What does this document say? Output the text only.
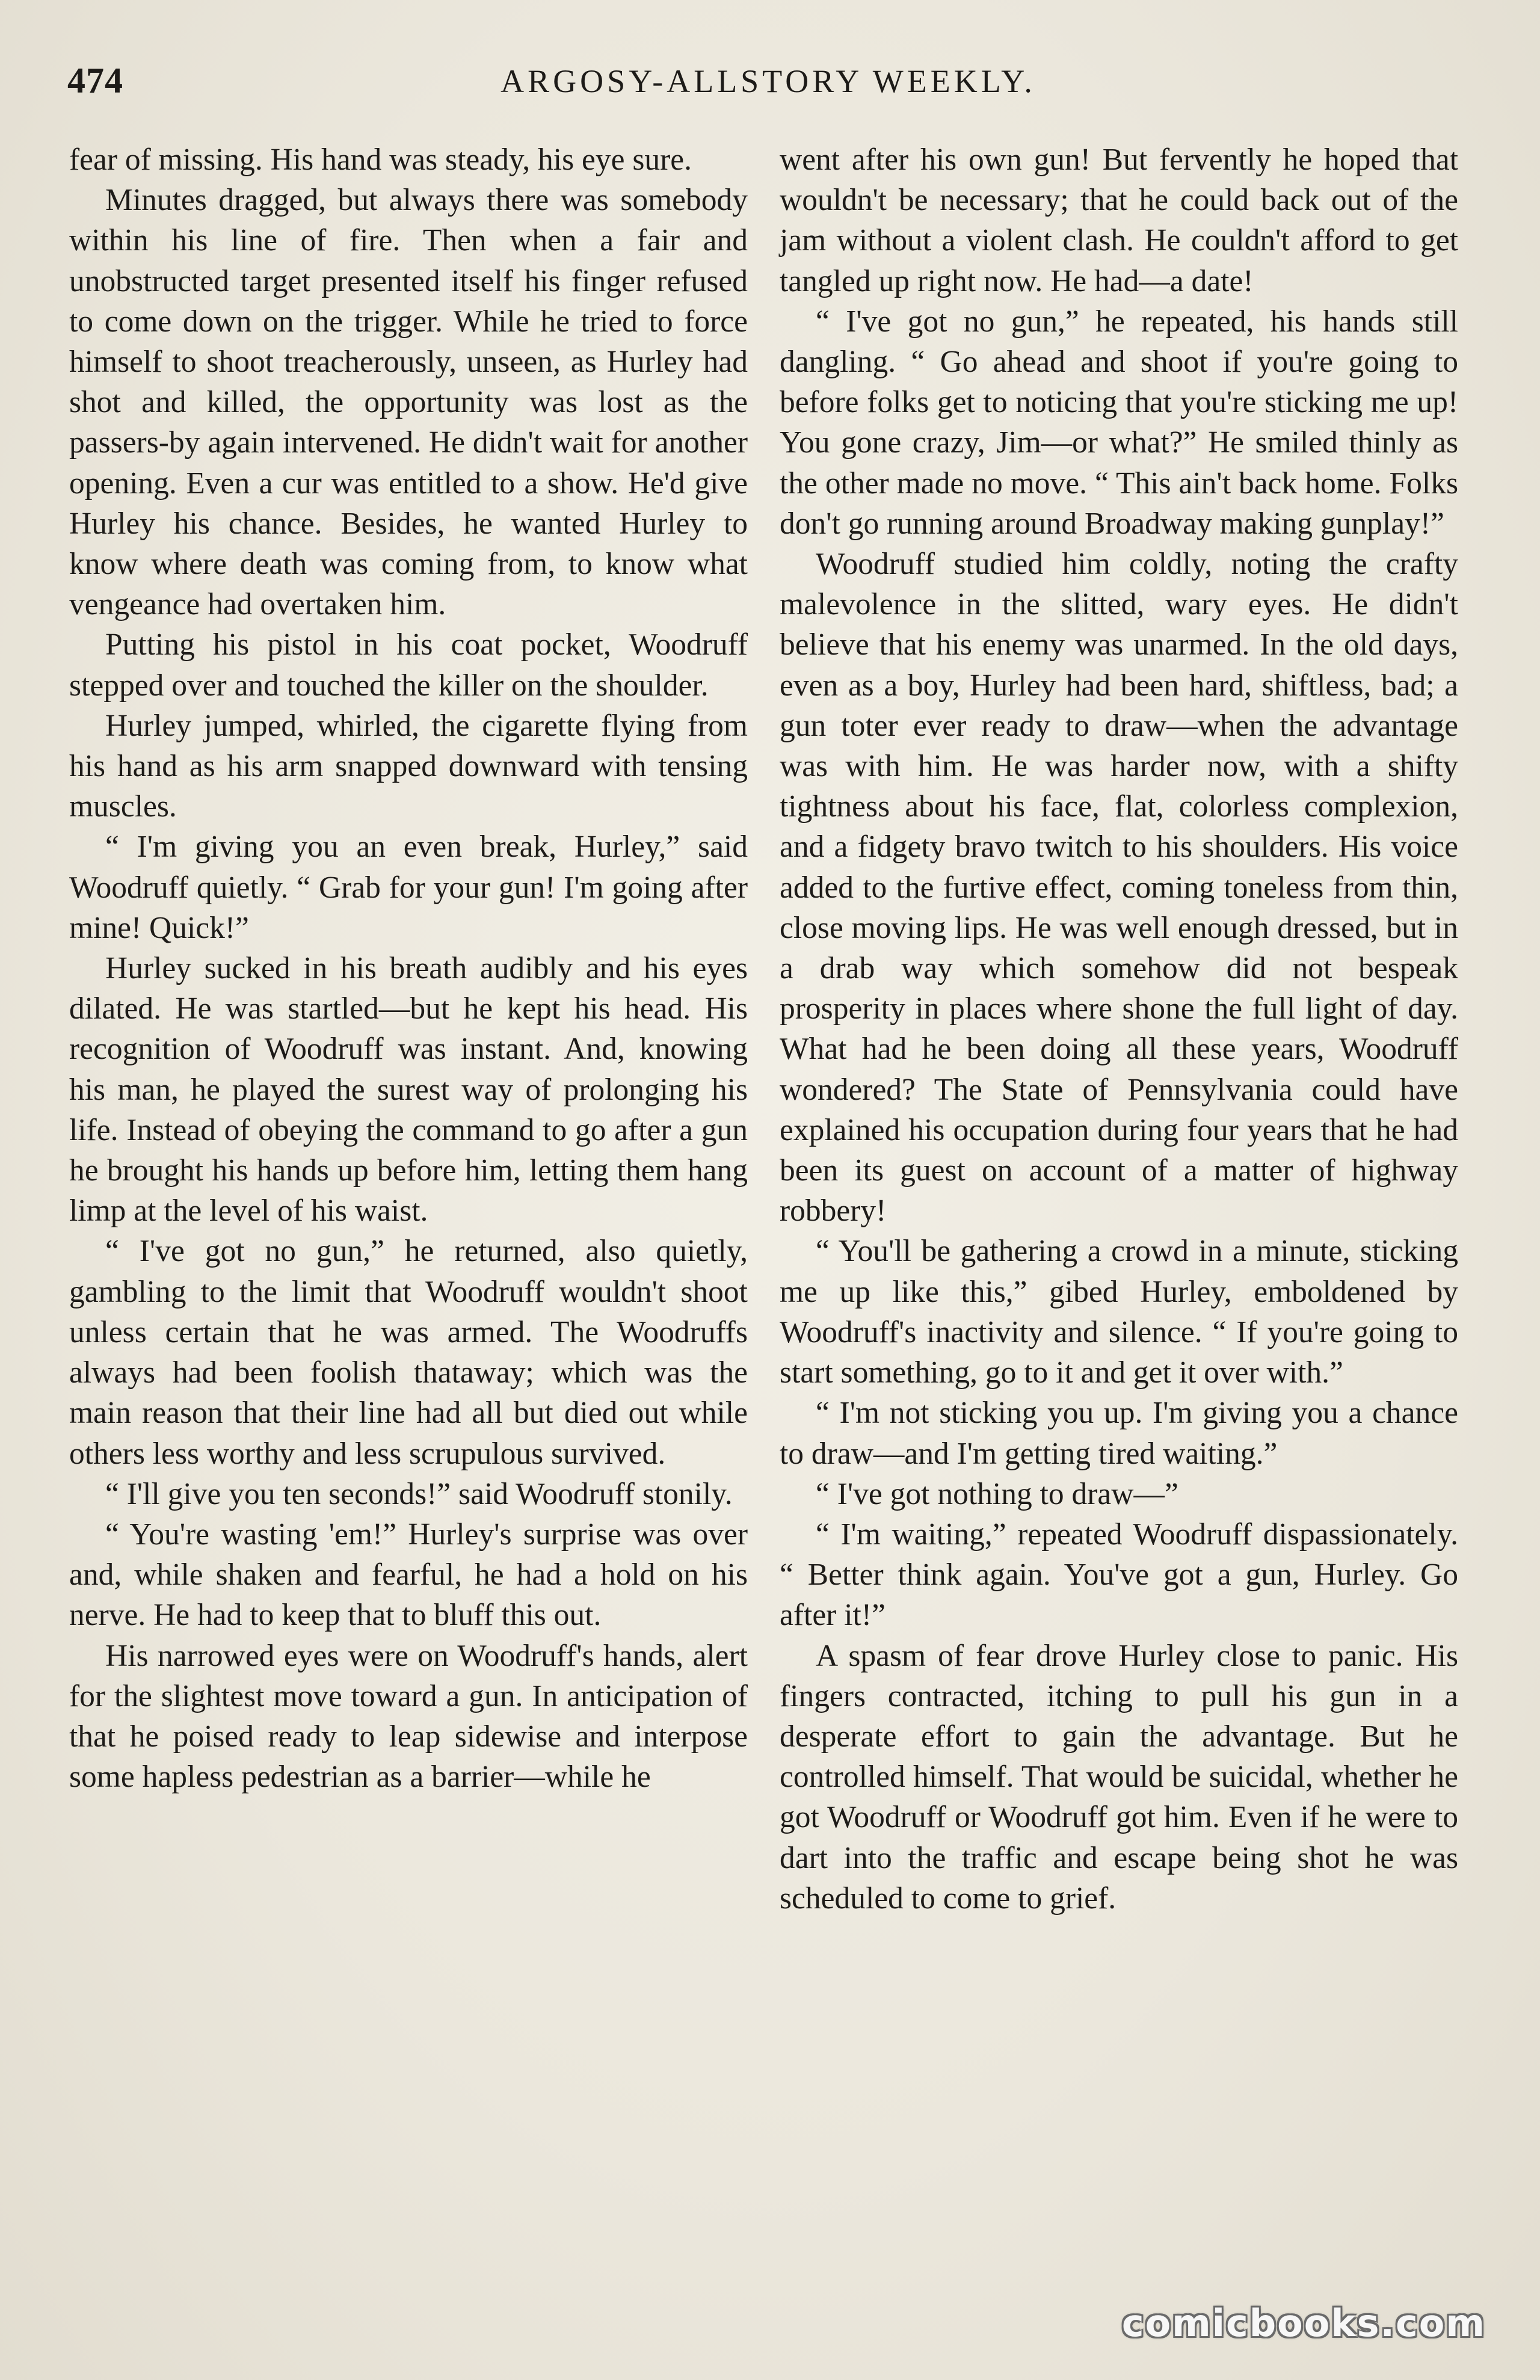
474	ARGOSY-ALLSTORY WEEKLY.

fear of missing. His hand was steady, his eye sure.

Minutes dragged, but always there was somebody within his line of fire. Then when a fair and unobstructed target presented itself his finger refused to come down on the trigger. While he tried to force himself to shoot treacherously, unseen, as Hurley had shot and killed, the opportunity was lost as the passers-by again intervened. He didn't wait for another opening. Even a cur was entitled to a show. He'd give Hurley his chance. Besides, he wanted Hurley to know where death was coming from, to know what vengeance had overtaken him.

Putting his pistol in his coat pocket, Woodruff stepped over and touched the killer on the shoulder.

Hurley jumped, whirled, the cigarette flying from his hand as his arm snapped downward with tensing muscles.

“ I'm giving you an even break, Hurley,” said Woodruff quietly. “ Grab for your gun! I'm going after mine! Quick!”

Hurley sucked in his breath audibly and his eyes dilated. He was startled—but he kept his head. His recognition of Woodruff was instant. And, knowing his man, he played the surest way of prolonging his life. Instead of obeying the command to go after a gun he brought his hands up before him, letting them hang limp at the level of his waist.

“ I've got no gun,” he returned, also quietly, gambling to the limit that Woodruff wouldn't shoot unless certain that he was armed. The Woodruffs always had been foolish thataway; which was the main reason that their line had all but died out while others less worthy and less scrupulous survived.

“ I'll give you ten seconds!” said Woodruff stonily.

“ You're wasting 'em!” Hurley's surprise was over and, while shaken and fearful, he had a hold on his nerve. He had to keep that to bluff this out.

His narrowed eyes were on Woodruff's hands, alert for the slightest move toward a gun. In anticipation of that he poised ready to leap sidewise and interpose some hapless pedestrian as a barrier—while he

went after his own gun! But fervently he hoped that wouldn't be necessary; that he could back out of the jam without a violent clash. He couldn't afford to get tangled up right now. He had—a date!

“ I've got no gun,” he repeated, his hands still dangling. “ Go ahead and shoot if you're going to before folks get to noticing that you're sticking me up! You gone crazy, Jim—or what?” He smiled thinly as the other made no move. “ This ain't back home. Folks don't go running around Broadway making gunplay!”

Woodruff studied him coldly, noting the crafty malevolence in the slitted, wary eyes. He didn't believe that his enemy was unarmed. In the old days, even as a boy, Hurley had been hard, shiftless, bad; a gun toter ever ready to draw—when the advantage was with him. He was harder now, with a shifty tightness about his face, flat, colorless complexion, and a fidgety bravo twitch to his shoulders. His voice added to the furtive effect, coming toneless from thin, close moving lips. He was well enough dressed, but in a drab way which somehow did not bespeak prosperity in places where shone the full light of day. What had he been doing all these years, Woodruff wondered? The State of Pennsylvania could have explained his occupation during four years that he had been its guest on account of a matter of highway robbery!

“ You'll be gathering a crowd in a minute, sticking me up like this,” gibed Hurley, emboldened by Woodruff's inactivity and silence. “ If you're going to start something, go to it and get it over with.”

“ I'm not sticking you up. I'm giving you a chance to draw—and I'm getting tired waiting.”

“ I've got nothing to draw—”

“ I'm waiting,” repeated Woodruff dispassionately. “ Better think again. You've got a gun, Hurley. Go after it!”

A spasm of fear drove Hurley close to panic. His fingers contracted, itching to pull his gun in a desperate effort to gain the advantage. But he controlled himself. That would be suicidal, whether he got Woodruff or Woodruff got him. Even if he were to dart into the traffic and escape being shot he was scheduled to come to grief.

comicbooks.com
